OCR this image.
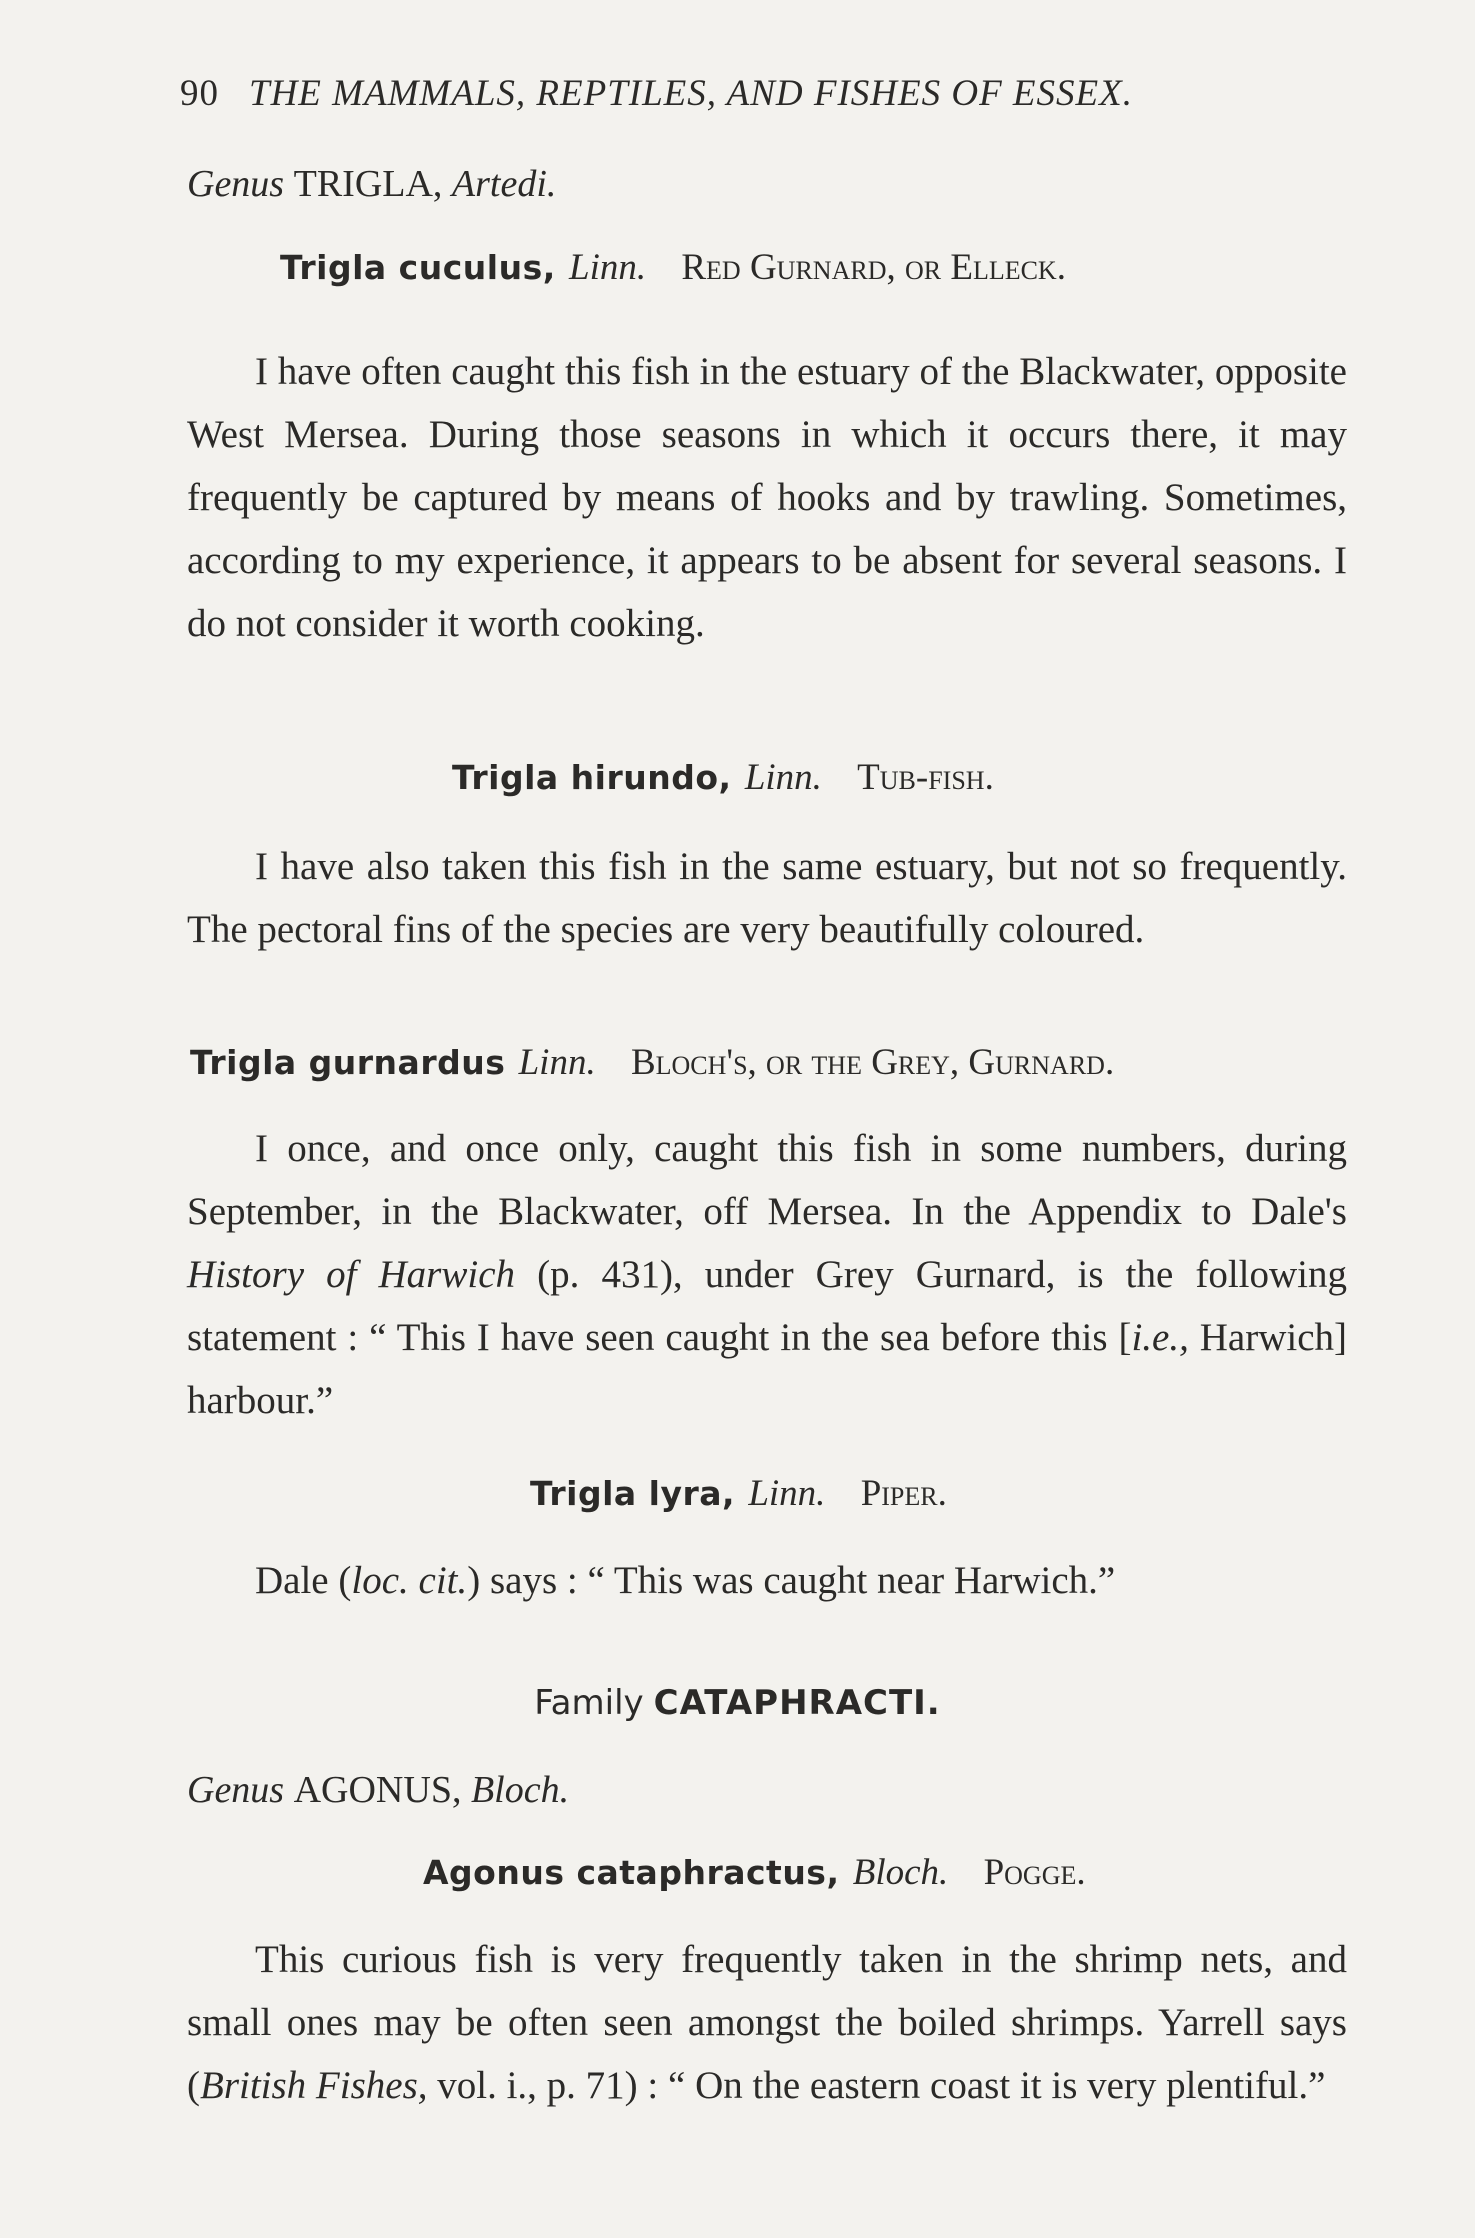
90 THE MAMMALS, REPTILES, AND FISHES OF ESSEX.
Genus TRIGLA, Artedi.
Trigla cuculus, Linn. Red Gurnard, or Elleck.
I have often caught this fish in the estuary of the Blackwater, opposite West Mersea. During those seasons in which it occurs there, it may frequently be captured by means of hooks and by trawling. Sometimes, according to my experience, it appears to be absent for several seasons. I do not consider it worth cooking.
Trigla hirundo, Linn. Tub-fish.
I have also taken this fish in the same estuary, but not so frequently. The pectoral fins of the species are very beautifully coloured.
Trigla gurnardus Linn. Bloch's, or the Grey, Gurnard.
I once, and once only, caught this fish in some numbers, during September, in the Blackwater, off Mersea. In the Appendix to Dale's History of Harwich (p. 431), under Grey Gurnard, is the following statement : “ This I have seen caught in the sea before this [i.e., Harwich] harbour.”
Trigla lyra, Linn. Piper.
Dale (loc. cit.) says : “ This was caught near Harwich.”
Family CATAPHRACTI.
Genus AGONUS, Bloch.
Agonus cataphractus, Bloch. Pogge.
This curious fish is very frequently taken in the shrimp nets, and small ones may be often seen amongst the boiled shrimps. Yarrell says (British Fishes, vol. i., p. 71) : “ On the eastern coast it is very plentiful.”
